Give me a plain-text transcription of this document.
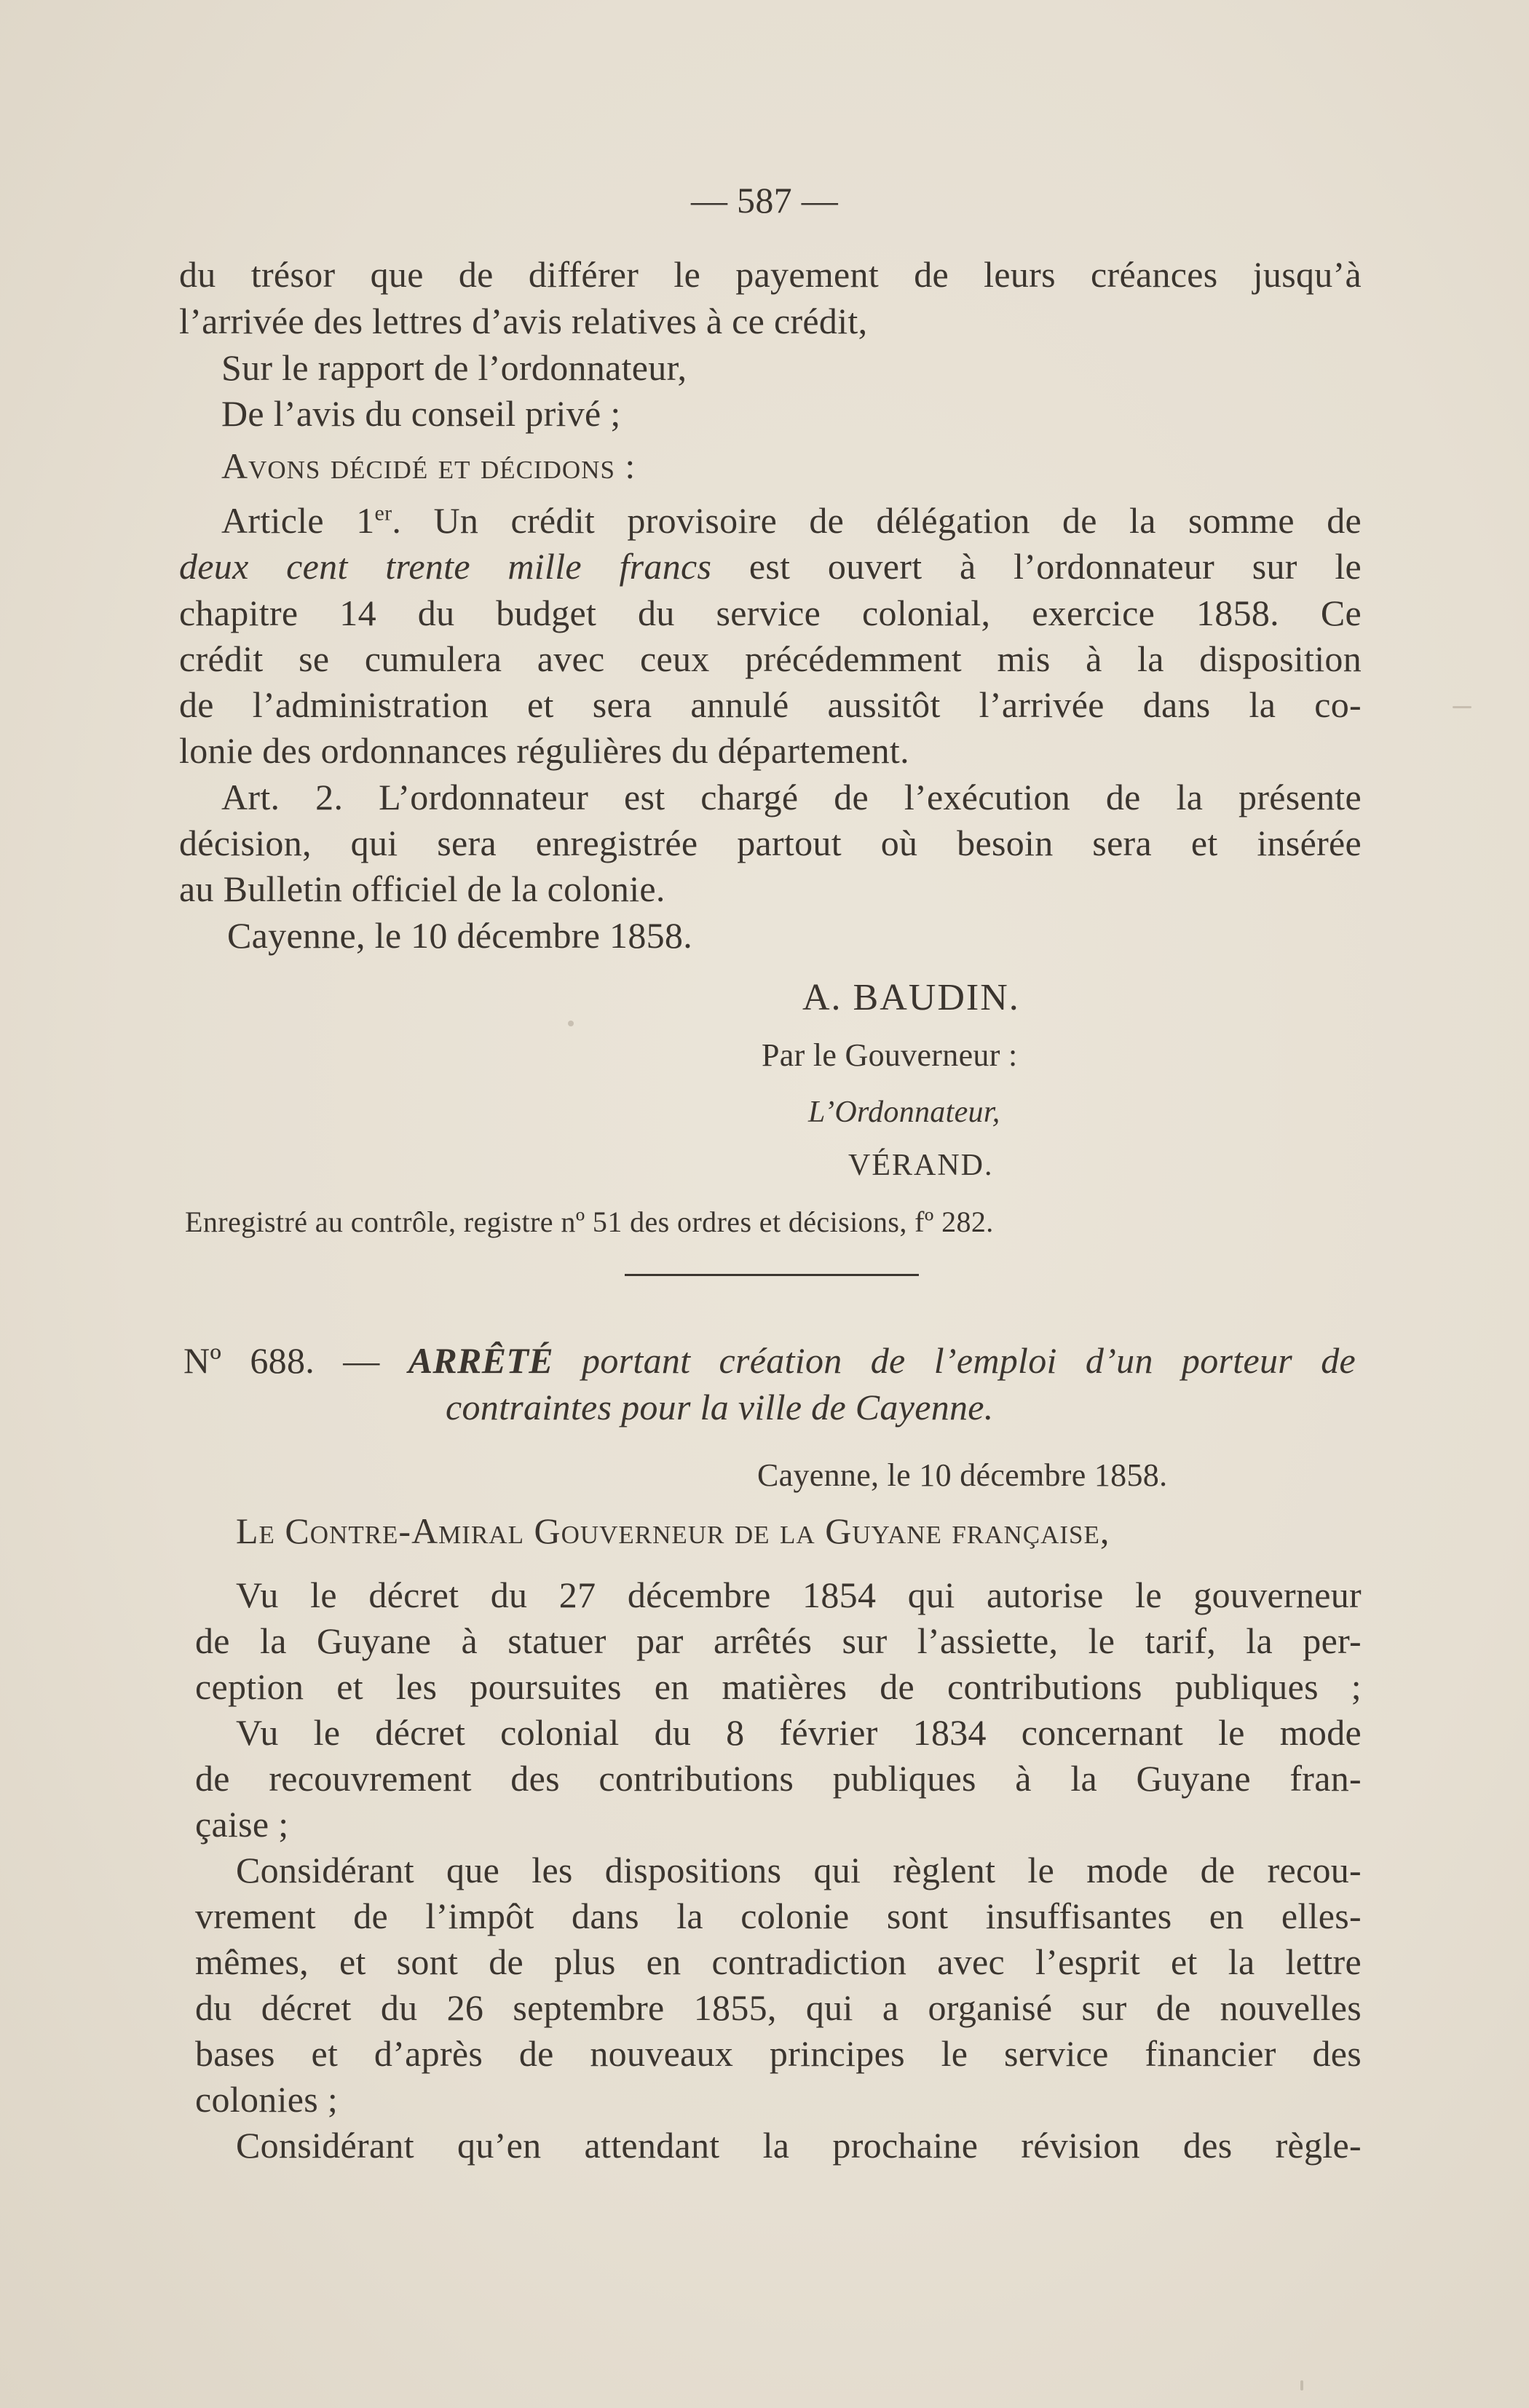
— 587 —
du trésor que de différer le payement de leurs créances jusqu’à
l’arrivée des lettres d’avis relatives à ce crédit,
Sur le rapport de l’ordonnateur,
De l’avis du conseil privé ;
Avons décidé et décidons :
Article 1er. Un crédit provisoire de délégation de la somme de
deux cent trente mille francs est ouvert à l’ordonnateur sur le
chapitre 14 du budget du service colonial, exercice 1858. Ce
crédit se cumulera avec ceux précédemment mis à la disposition
de l’administration et sera annulé aussitôt l’arrivée dans la co-
lonie des ordonnances régulières du département.
Art. 2. L’ordonnateur est chargé de l’exécution de la présente
décision, qui sera enregistrée partout où besoin sera et insérée
au Bulletin officiel de la colonie.
Cayenne, le 10 décembre 1858.
A. BAUDIN.
Par le Gouverneur :
L’Ordonnateur,
VÉRAND.
Enregistré au contrôle, registre nº 51 des ordres et décisions, fº 282.
Nº 688. — ARRÊTÉ portant création de l’emploi d’un porteur de
contraintes pour la ville de Cayenne.
Cayenne, le 10 décembre 1858.
Le Contre-Amiral Gouverneur de la Guyane française,
Vu le décret du 27 décembre 1854 qui autorise le gouverneur
de la Guyane à statuer par arrêtés sur l’assiette, le tarif, la per-
ception et les poursuites en matières de contributions publiques ;
Vu le décret colonial du 8 février 1834 concernant le mode
de recouvrement des contributions publiques à la Guyane fran-
çaise ;
Considérant que les dispositions qui règlent le mode de recou-
vrement de l’impôt dans la colonie sont insuffisantes en elles-
mêmes, et sont de plus en contradiction avec l’esprit et la lettre
du décret du 26 septembre 1855, qui a organisé sur de nouvelles
bases et d’après de nouveaux principes le service financier des
colonies ;
Considérant qu’en attendant la prochaine révision des règle-
